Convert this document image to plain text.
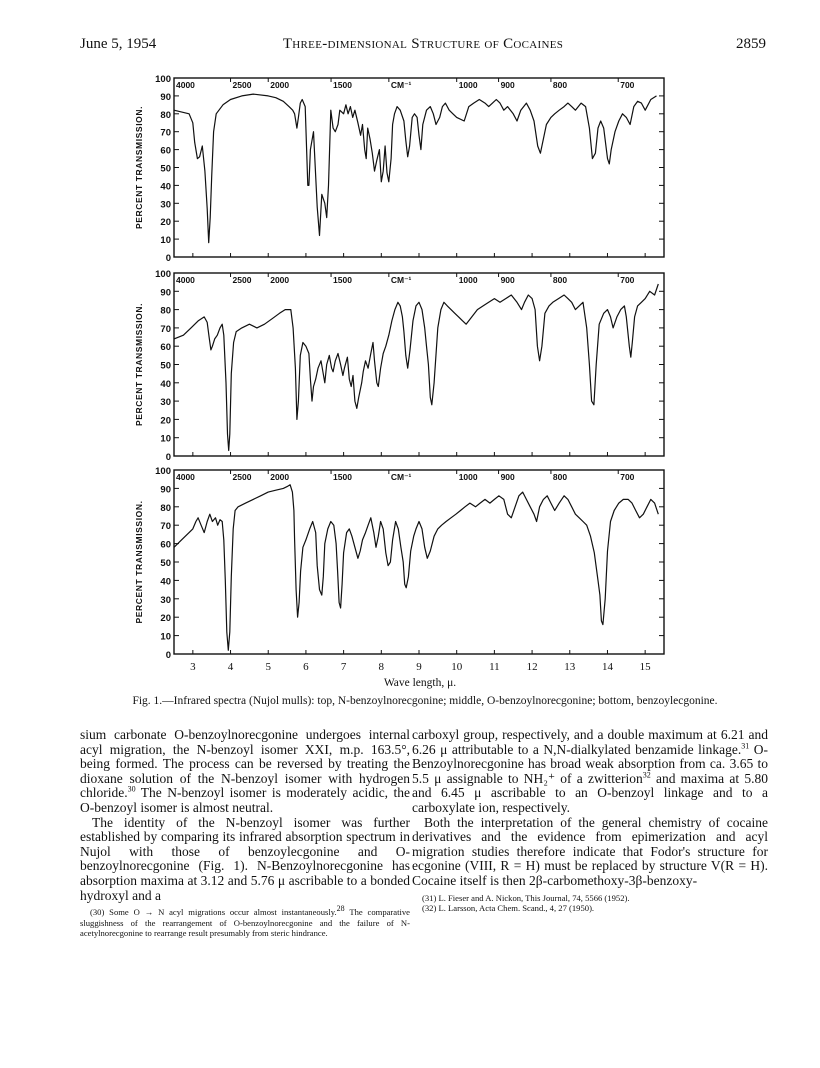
June 5, 1954	Three-dimensional Structure of Cocaines	2859
0
10
20
30
40
50
60
70
80
90
100 4000	2500 2000	1500	CM⁻¹	1000	900	800	700
PERCENT TRANSMISSION.
0
10
20
30
40
50
60
70
80
90
100 4000	2500 2000	1500	CM⁻¹	1000	900	800	700
PERCENT TRANSMISSION.
0
10
20
30
40
50
60
70
80
90
100 4000	2500 2000	1500	CM⁻¹	1000	900	800	700
PERCENT TRANSMISSION.
3	4	5	6	7	8	9	10 11 12 13 14 15
Wave length, μ.
Fig. 1.—Infrared spectra (Nujol mulls): top, N-benzoylnorecgonine; middle, O-benzoylnorecgonine; bottom, benzoylecgonine.

sium carbonate O-benzoylnorecgonine undergoes internal acyl migration, the N-benzoyl isomer XXI, m.p. 163.5°, being formed. The process can be reversed by treating the dioxane solution of the N-benzoyl isomer with hydrogen chloride.$^{30}$ The N-benzoyl isomer is moderately acidic, the O-benzoyl isomer is almost neutral.

The identity of the N-benzoyl isomer was further established by comparing its infrared absorption spectrum in Nujol with those of benzoylecgonine and O-benzoylnorecgonine (Fig. 1). N-Benzoylnorecgonine has absorption maxima at 3.12 and 5.76 μ ascribable to a bonded hydroxyl and a

(30) Some O → N acyl migrations occur almost instantaneously.$^{28}$ The comparative sluggishness of the rearrangement of O-benzoylnorecgonine and the failure of N-acetylnorecgonine to rearrange result presumably from steric hindrance.

carboxyl group, respectively, and a double maximum at 6.21 and 6.26 μ attributable to a N,N-dialkylated benzamide linkage.$^{31}$ O-Benzoylnorecgonine has broad weak absorption from ca. 3.65 to 5.5 μ assignable to NH₂⁺ of a zwitterion$^{32}$ and maxima at 5.80 and 6.45 μ ascribable to an O-benzoyl linkage and to a carboxylate ion, respectively.

Both the interpretation of the general chemistry of cocaine derivatives and the evidence from epimerization and acyl migration studies therefore indicate that Fodor's structure for ecgonine (VIII, R = H) must be replaced by structure V(R = H). Cocaine itself is then 2β-carbomethoxy-3β-benzoxy-

(31) L. Fieser and A. Nickon, This Journal, 74, 5566 (1952).

(32) L. Larsson, Acta Chem. Scand., 4, 27 (1950).
